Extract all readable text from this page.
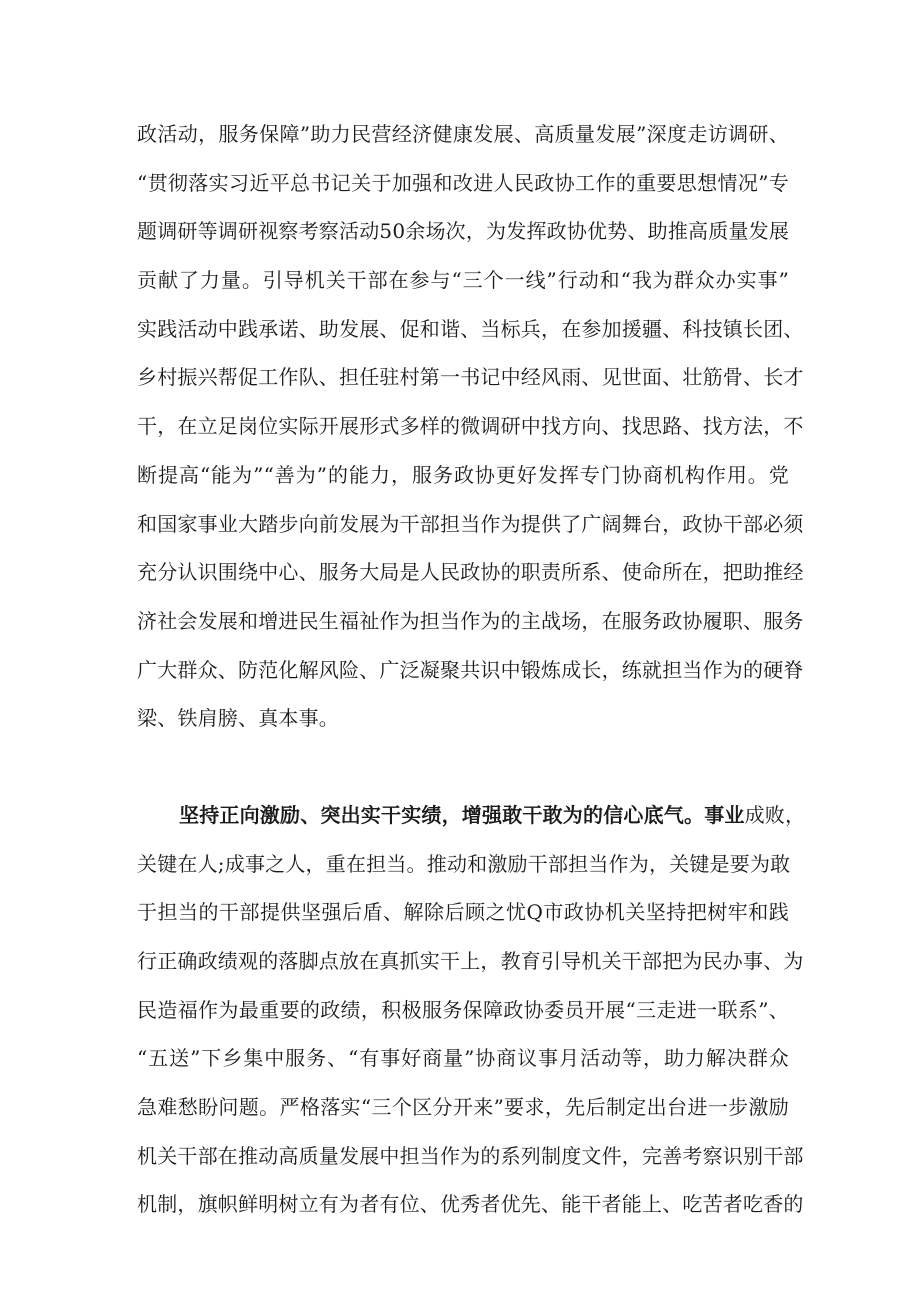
政活动，服务保障”助力民营经济健康发展、高质量发展”深度走访调研、
“贯彻落实习近平总书记关于加强和改进人民政协工作的重要思想情况”专
题调研等调研视察考察活动50余场次，为发挥政协优势、助推高质量发展
贡献了力量。引导机关干部在参与“三个一线”行动和“我为群众办实事”
实践活动中践承诺、助发展、促和谐、当标兵，在参加援疆、科技镇长团、
乡村振兴帮促工作队、担任驻村第一书记中经风雨、见世面、壮筋骨、长才
干，在立足岗位实际开展形式多样的微调研中找方向、找思路、找方法，不
断提高“能为”“善为”的能力，服务政协更好发挥专门协商机构作用。党
和国家事业大踏步向前发展为干部担当作为提供了广阔舞台，政协干部必须
充分认识围绕中心、服务大局是人民政协的职责所系、使命所在，把助推经
济社会发展和增进民生福祉作为担当作为的主战场，在服务政协履职、服务
广大群众、防范化解风险、广泛凝聚共识中锻炼成长，练就担当作为的硬脊
梁、铁肩膀、真本事。
坚持正向激励、突出实干实绩，增强敢干敢为的信心底气。事业成败，
关键在人;成事之人，重在担当。推动和激励干部担当作为，关键是要为敢
于担当的干部提供坚强后盾、解除后顾之忧Q市政协机关坚持把树牢和践
行正确政绩观的落脚点放在真抓实干上，教育引导机关干部把为民办事、为
民造福作为最重要的政绩，积极服务保障政协委员开展“三走进一联系”、
“五送”下乡集中服务、“有事好商量”协商议事月活动等，助力解决群众
急难愁盼问题。严格落实“三个区分开来”要求，先后制定出台进一步激励
机关干部在推动高质量发展中担当作为的系列制度文件，完善考察识别干部
机制，旗帜鲜明树立有为者有位、优秀者优先、能干者能上、吃苦者吃香的
